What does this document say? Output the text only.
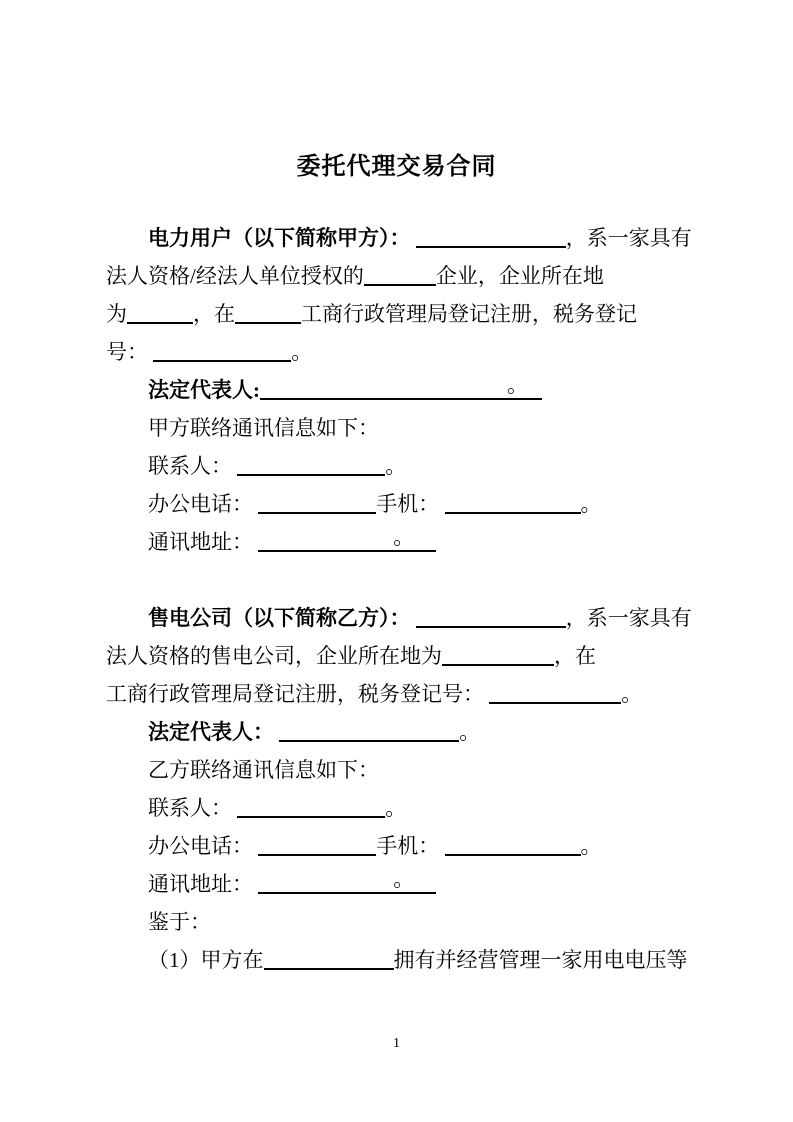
委托代理交易合同
电力用户（以下简称甲方）：	，系一家具有
法人资格/经法人单位授权的	企业，企业所在地
为	，在	工商行政管理局登记注册，税务登记
号：	。
法定代表人:	。
甲方联络通讯信息如下：
联系人：	。
办公电话：	手机：	。
通讯地址：	。
售电公司（以下简称乙方）：	，系一家具有
法人资格的售电公司，企业所在地为	，在
工商行政管理局登记注册，税务登记号：	。
法定代表人：	。
乙方联络通讯信息如下：
联系人：	。
办公电话：	手机：	。
通讯地址：	。
鉴于：
（1）甲方在	拥有并经营管理一家用电电压等
1
